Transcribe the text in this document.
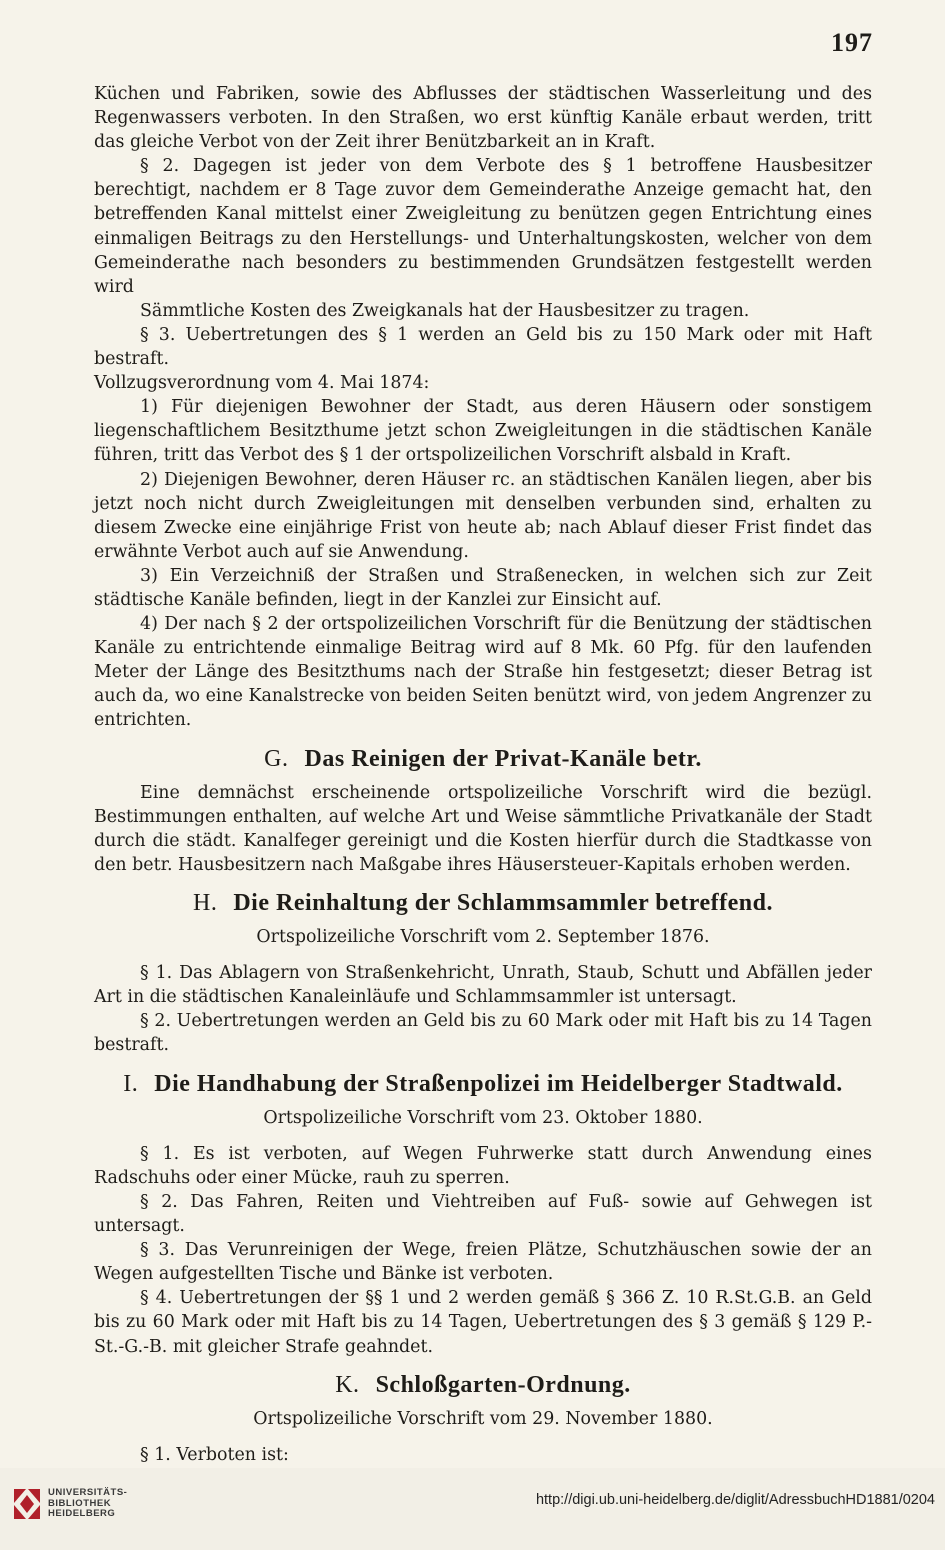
197

Küchen und Fabriken, sowie des Abflusses der städtischen Wasserleitung und des Regenwassers verboten. In den Straßen, wo erst künftig Kanäle erbaut werden, tritt das gleiche Verbot von der Zeit ihrer Benützbarkeit an in Kraft.

§ 2. Dagegen ist jeder von dem Verbote des § 1 betroffene Hausbesitzer berechtigt, nachdem er 8 Tage zuvor dem Gemeinderathe Anzeige gemacht hat, den betreffenden Kanal mittelst einer Zweigleitung zu benützen gegen Entrichtung eines einmaligen Beitrags zu den Herstellungs- und Unterhaltungskosten, welcher von dem Gemeinderathe nach besonders zu bestimmenden Grundsätzen festgestellt werden wird

Sämmtliche Kosten des Zweigkanals hat der Hausbesitzer zu tragen.

§ 3. Uebertretungen des § 1 werden an Geld bis zu 150 Mark oder mit Haft bestraft.

Vollzugsverordnung vom 4. Mai 1874:

1) Für diejenigen Bewohner der Stadt, aus deren Häusern oder sonstigem liegenschaftlichem Besitzthume jetzt schon Zweigleitungen in die städtischen Kanäle führen, tritt das Verbot des § 1 der ortspolizeilichen Vorschrift alsbald in Kraft.

2) Diejenigen Bewohner, deren Häuser rc. an städtischen Kanälen liegen, aber bis jetzt noch nicht durch Zweigleitungen mit denselben verbunden sind, erhalten zu diesem Zwecke eine einjährige Frist von heute ab; nach Ablauf dieser Frist findet das erwähnte Verbot auch auf sie Anwendung.

3) Ein Verzeichniß der Straßen und Straßenecken, in welchen sich zur Zeit städtische Kanäle befinden, liegt in der Kanzlei zur Einsicht auf.

4) Der nach § 2 der ortspolizeilichen Vorschrift für die Benützung der städtischen Kanäle zu entrichtende einmalige Beitrag wird auf 8 Mk. 60 Pfg. für den laufenden Meter der Länge des Besitzthums nach der Straße hin festgesetzt; dieser Betrag ist auch da, wo eine Kanalstrecke von beiden Seiten benützt wird, von jedem Angrenzer zu entrichten.

G. Das Reinigen der Privat-Kanäle betr.

Eine demnächst erscheinende ortspolizeiliche Vorschrift wird die bezügl. Bestimmungen enthalten, auf welche Art und Weise sämmtliche Privatkanäle der Stadt durch die städt. Kanalfeger gereinigt und die Kosten hierfür durch die Stadtkasse von den betr. Hausbesitzern nach Maßgabe ihres Häusersteuer-Kapitals erhoben werden.

H. Die Reinhaltung der Schlammsammler betreffend.
Ortspolizeiliche Vorschrift vom 2. September 1876.

§ 1. Das Ablagern von Straßenkehricht, Unrath, Staub, Schutt und Abfällen jeder Art in die städtischen Kanaleinläufe und Schlammsammler ist untersagt.

§ 2. Uebertretungen werden an Geld bis zu 60 Mark oder mit Haft bis zu 14 Tagen bestraft.

I. Die Handhabung der Straßenpolizei im Heidelberger Stadtwald.
Ortspolizeiliche Vorschrift vom 23. Oktober 1880.

§ 1. Es ist verboten, auf Wegen Fuhrwerke statt durch Anwendung eines Radschuhs oder einer Mücke, rauh zu sperren.

§ 2. Das Fahren, Reiten und Viehtreiben auf Fuß- sowie auf Gehwegen ist untersagt.

§ 3. Das Verunreinigen der Wege, freien Plätze, Schutzhäuschen sowie der an Wegen aufgestellten Tische und Bänke ist verboten.

§ 4. Uebertretungen der §§ 1 und 2 werden gemäß § 366 Z. 10 R.St.G.B. an Geld bis zu 60 Mark oder mit Haft bis zu 14 Tagen, Uebertretungen des § 3 gemäß § 129 P.-St.-G.-B. mit gleicher Strafe geahndet.

K. Schloßgarten-Ordnung.
Ortspolizeiliche Vorschrift vom 29. November 1880.

§ 1. Verboten ist:

UNIVERSITÄTS-
BIBLIOTHEK
HEIDELBERG
http://digi.ub.uni-heidelberg.de/diglit/AdressbuchHD1881/0204
